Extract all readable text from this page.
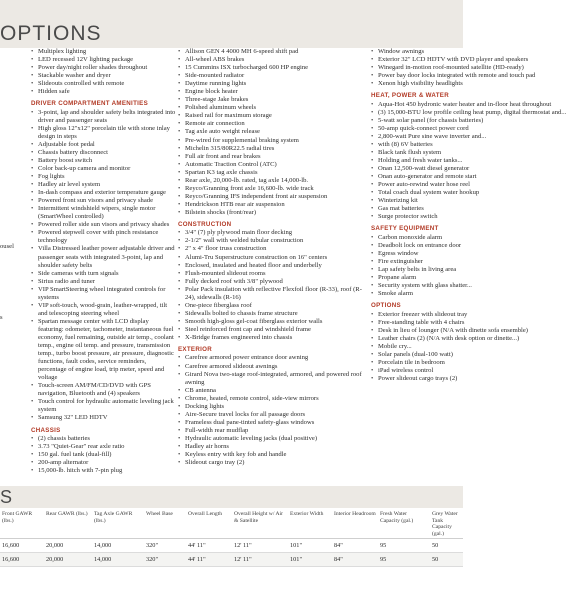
OPTIONS
ousel
s
• Multiplex lighting
• LED recessed 12V lighting package
• Power day/night roller shades throughout
• Stackable washer and dryer
• Slideouts controlled with remote
• Hidden safe
DRIVER COMPARTMENT AMENITIES
• 3-point, lap and shoulder safety belts integrated into driver and passenger seats
• High gloss 12"x12" porcelain tile with stone inlay design in steps
• Adjustable foot pedal
• Chassis battery disconnect
• Battery boost switch
• Color back-up camera and monitor
• Fog lights
• Hadley air level system
• In-dash compass and exterior temperature gauge
• Powered front sun visors and privacy shade
• Intermittent windshield wipers, single motor (SmartWheel controlled)
• Powered roller side sun visors and privacy shades
• Powered stepwell cover with pinch resistance technology
• Villa Distressed leather power adjustable driver and passenger seats with integrated 3-point, lap and shoulder safety belts
• Side cameras with turn signals
• Sirius radio and tuner
• VIP SmartSteering wheel integrated controls for systems
• VIP soft-touch, wood-grain, leather-wrapped, tilt and telescoping steering wheel
• Spartan message center with LCD display featuring: odometer, tachometer, instantaneous fuel economy, fuel remaining, outside air temp., coolant temp., engine oil temp. and pressure, transmission temp., turbo boost pressure, air pressure, diagnostic functions, fault codes, service reminders, percentage of engine load, trip meter, speed and voltage
• Touch-screen AM/FM/CD/DVD with GPS navigation, Bluetooth and (4) speakers
• Touch control for hydraulic automatic leveling jack system
• Samsung 32" LED HDTV
CHASSIS
• (2) chassis batteries
• 3.73 "Quiet-Gear" rear axle ratio
• 150 gal. fuel tank (dual-fill)
• 200-amp alternator
• 15,000-lb. hitch with 7-pin plug
• Allison GEN 4 4000 MH 6-speed shift pad
• All-wheel ABS brakes
• 15 Cummins ISX turbocharged 600 HP engine
• Side-mounted radiator
• Daytime running lights
• Engine block heater
• Three-stage Jake brakes
• Polished aluminum wheels
• Raised rail for maximum storage
• Remote air connection
• Tag axle auto weight release
• Pre-wired for supplemental braking system
• Michelin 315/80R22.5 radial tires
• Full air front and rear brakes
• Automatic Traction Control (ATC)
• Spartan K3 tag axle chassis
• Rear axle, 20,000-lb. rated, tag axle 14,000-lb.
• Reyco/Granning front axle 16,600-lb. wide track
• Reyco/Granning IFS independent front air suspension
• Hendrickson HTB rear air suspension
• Bilstein shocks (front/rear)
CONSTRUCTION
• 3/4" (7) ply plywood main floor decking
• 2-1/2" wall with welded tubular construction
• 2" x 4" floor truss construction
• Alumi-Tru Superstructure construction on 16" centers
• Enclosed, insulated and heated floor and underbelly
• Flush-mounted slideout rooms
• Fully decked roof with 3/8" plywood
• Polar Pack insulation with reflective Flexfoil floor (R-33), roof (R-24), sidewalls (R-16)
• One-piece fiberglass roof
• Sidewalls bolted to chassis frame structure
• Smooth high-gloss gel-coat fiberglass exterior walls
• Steel reinforced front cap and windshield frame
• X-Bridge frames engineered into chassis
EXTERIOR
• Carefree armored power entrance door awning
• Carefree armored slideout awnings
• Girard Nova two-stage roof-integrated, armored, and powered roof awning
• CB antenna
• Chrome, heated, remote control, side-view mirrors
• Docking lights
• Aire-Secure travel locks for all passage doors
• Frameless dual pane-tinted safety-glass windows
• Full-width rear mudflap
• Hydraulic automatic leveling jacks (dual positive)
• Hadley air horns
• Keyless entry with key fob and handle
• Slideout cargo tray (2)
• Window awnings
• Exterior 32" LCD HDTV with DVD player and speakers
• Winegard in-motion roof-mounted satellite (HD-ready)
• Power bay door locks integrated with remote and touch pad
• Xenon high visibility headlights
HEAT, POWER & WATER
• Aqua-Hot 450 hydronic water heater and in-floor heat throughout
• (3) 15,000-BTU low profile ceiling heat pump, digital thermostat and...
• 5-watt solar panel (for chassis batteries)
• 50-amp quick-connect power cord
• 2,800-watt Pure sine wave inverter and...
• with (8) 6V batteries
• Black tank flush system
• Holding and fresh water tanks...
• Onan 12,500-watt diesel generator
• Onan auto-generator and remote start
• Power auto-rewind water hose reel
• Total coach dual system water hookup
• Winterizing kit
• Gas mat batteries
• Surge protector switch
SAFETY EQUIPMENT
• Carbon monoxide alarm
• Deadbolt lock on entrance door
• Egress window
• Fire extinguisher
• Lap safety belts in living area
• Propane alarm
• Security system with glass shatter...
• Smoke alarm
OPTIONS
• Exterior freezer with slideout tray
• Free-standing table with 4 chairs
• Desk in lieu of lounger (N/A with dinette sofa ensemble)
• Leather chairs (2) (N/A with desk option or dinette...)
• Mobile cry...
• Solar panels (dual-100 watt)
• Porcelain tile in bedroom
• iPad wireless control
• Power slideout cargo trays (2)
S
Front GAWR (lbs.)	Rear GAWR (lbs.)	Tag Axle GAWR (lbs.)	Wheel Base	Overall Length	Overall Height w/ Air & Satellite	Exterior Width	Interior Headroom	Fresh Water Capacity (gal.)	Grey Water Tank Capacity (gal.)
16,600	20,000	14,000	320"	44' 11"	12' 11"	101"	84"	95	50
16,600	20,000	14,000	320"	44' 11"	12' 11"	101"	84"	95	50
